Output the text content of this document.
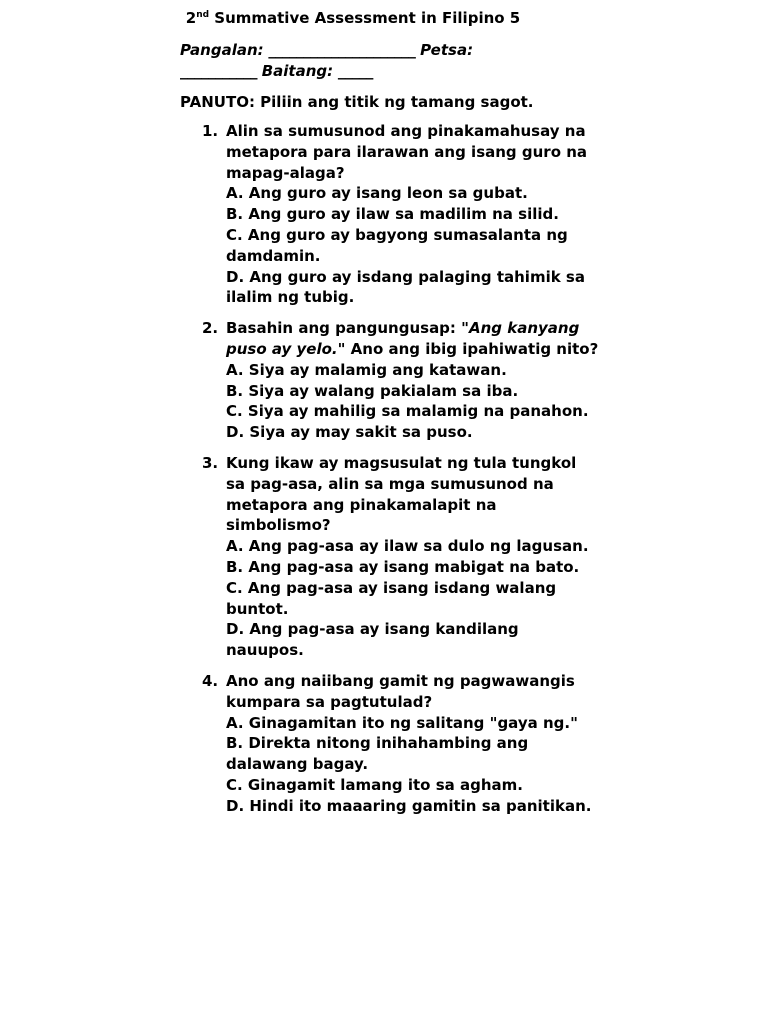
2nd Summative Assessment in Filipino 5
Pangalan: _____________________ Petsa:
___________ Baitang: _____
PANUTO: Piliin ang titik ng tamang sagot.
1. Alin sa sumusunod ang pinakamahusay na metapora para ilarawan ang isang guro na mapag-alaga?
A. Ang guro ay isang leon sa gubat.
B. Ang guro ay ilaw sa madilim na silid.
C. Ang guro ay bagyong sumasalanta ng damdamin.
D. Ang guro ay isdang palaging tahimik sa ilalim ng tubig.
2. Basahin ang pangungusap: "Ang kanyang puso ay yelo." Ano ang ibig ipahiwatig nito?
A. Siya ay malamig ang katawan.
B. Siya ay walang pakialam sa iba.
C. Siya ay mahilig sa malamig na panahon.
D. Siya ay may sakit sa puso.
3. Kung ikaw ay magsusulat ng tula tungkol sa pag-asa, alin sa mga sumusunod na metapora ang pinakamalapit na simbolismo?
A. Ang pag-asa ay ilaw sa dulo ng lagusan.
B. Ang pag-asa ay isang mabigat na bato.
C. Ang pag-asa ay isang isdang walang buntot.
D. Ang pag-asa ay isang kandilang nauupos.
4. Ano ang naiibang gamit ng pagwawangis kumpara sa pagtutulad?
A. Ginagamitan ito ng salitang "gaya ng."
B. Direkta nitong inihahambing ang dalawang bagay.
C. Ginagamit lamang ito sa agham.
D. Hindi ito maaaring gamitin sa panitikan.
